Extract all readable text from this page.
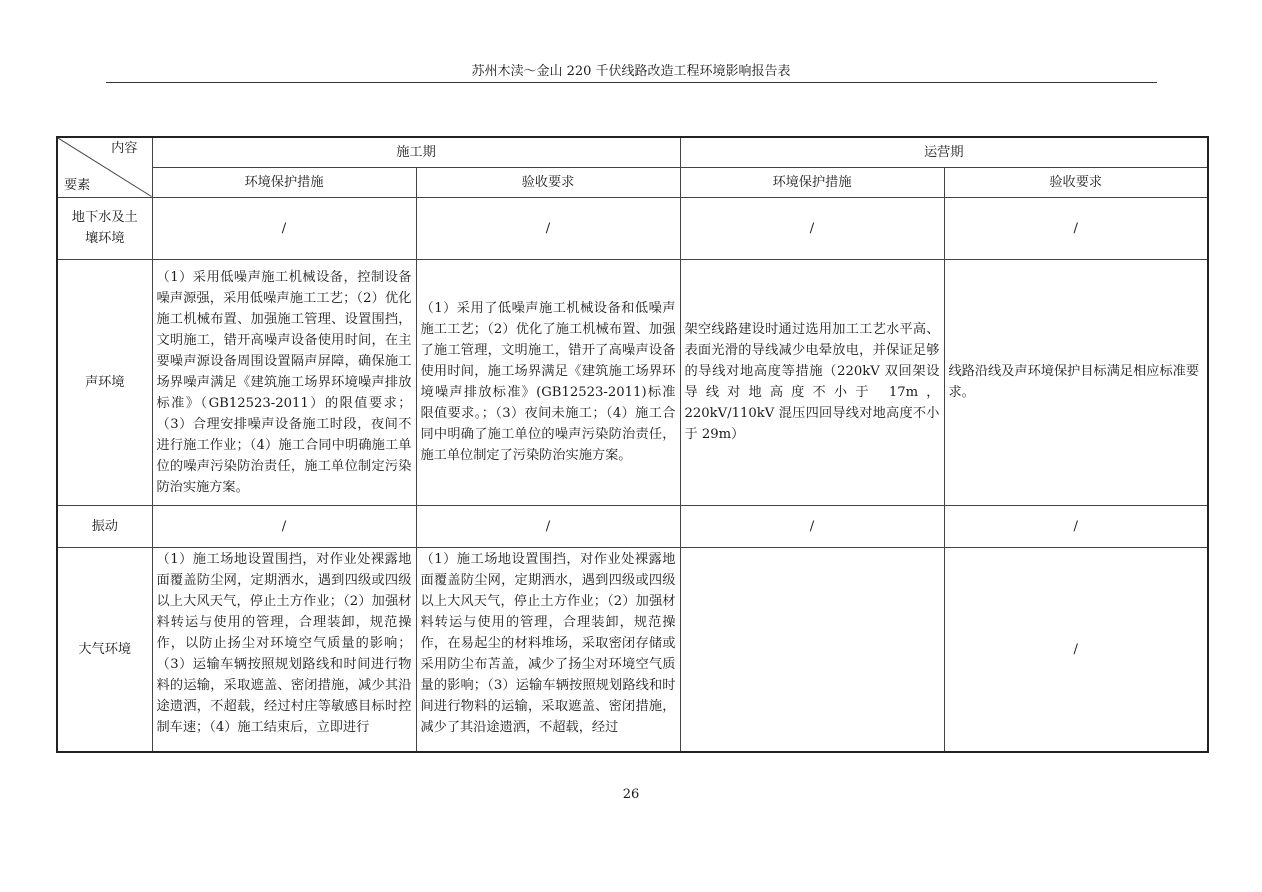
苏州木渎～金山 220 千伏线路改造工程环境影响报告表
内容
要素	施工期		运营期	
	环境保护措施	验收要求	环境保护措施	验收要求
地下水及土壤环境	/	/	/	/
声环境	（1）采用低噪声施工机械设备，控制设备噪声源强，采用低噪声施工工艺；（2）优化施工机械布置、加强施工管理、设置围挡，文明施工，错开高噪声设备使用时间，在主要噪声源设备周围设置隔声屏障，确保施工场界噪声满足《建筑施工场界环境噪声排放标准》（GB12523-2011）的限值要求；（3）合理安排噪声设备施工时段，夜间不进行施工作业；（4）施工合同中明确施工单位的噪声污染防治责任，施工单位制定污染防治实施方案。	（1）采用了低噪声施工机械设备和低噪声施工工艺；（2）优化了施工机械布置、加强了施工管理，文明施工，错开了高噪声设备使用时间，施工场界满足《建筑施工场界环境噪声排放标准》(GB12523-2011)标准限值要求。；（3）夜间未施工；（4）施工合同中明确了施工单位的噪声污染防治责任，施工单位制定了污染防治实施方案。	架空线路建设时通过选用加工工艺水平高、表面光滑的导线减少电晕放电，并保证足够的导线对地高度等措施（220kV 双回架设导线对地高度不小于 17m，220kV/110kV 混压四回导线对地高度不小于 29m）	线路沿线及声环境保护目标满足相应标准要求。
振动	/	/	/	/
大气环境	（1）施工场地设置围挡，对作业处裸露地面覆盖防尘网，定期洒水，遇到四级或四级以上大风天气，停止土方作业；（2）加强材料转运与使用的管理，合理装卸，规范操作，以防止扬尘对环境空气质量的影响；（3）运输车辆按照规划路线和时间进行物料的运输，采取遮盖、密闭措施，减少其沿途遗洒，不超载，经过村庄等敏感目标时控制车速；（4）施工结束后，立即进行	（1）施工场地设置围挡，对作业处裸露地面覆盖防尘网，定期洒水，遇到四级或四级以上大风天气，停止土方作业；（2）加强材料转运与使用的管理，合理装卸，规范操作，在易起尘的材料堆场，采取密闭存储或采用防尘布苫盖，减少了扬尘对环境空气质量的影响；（3）运输车辆按照规划路线和时间进行物料的运输，采取遮盖、密闭措施，减少了其沿途遗洒，不超载，经过		/
26
